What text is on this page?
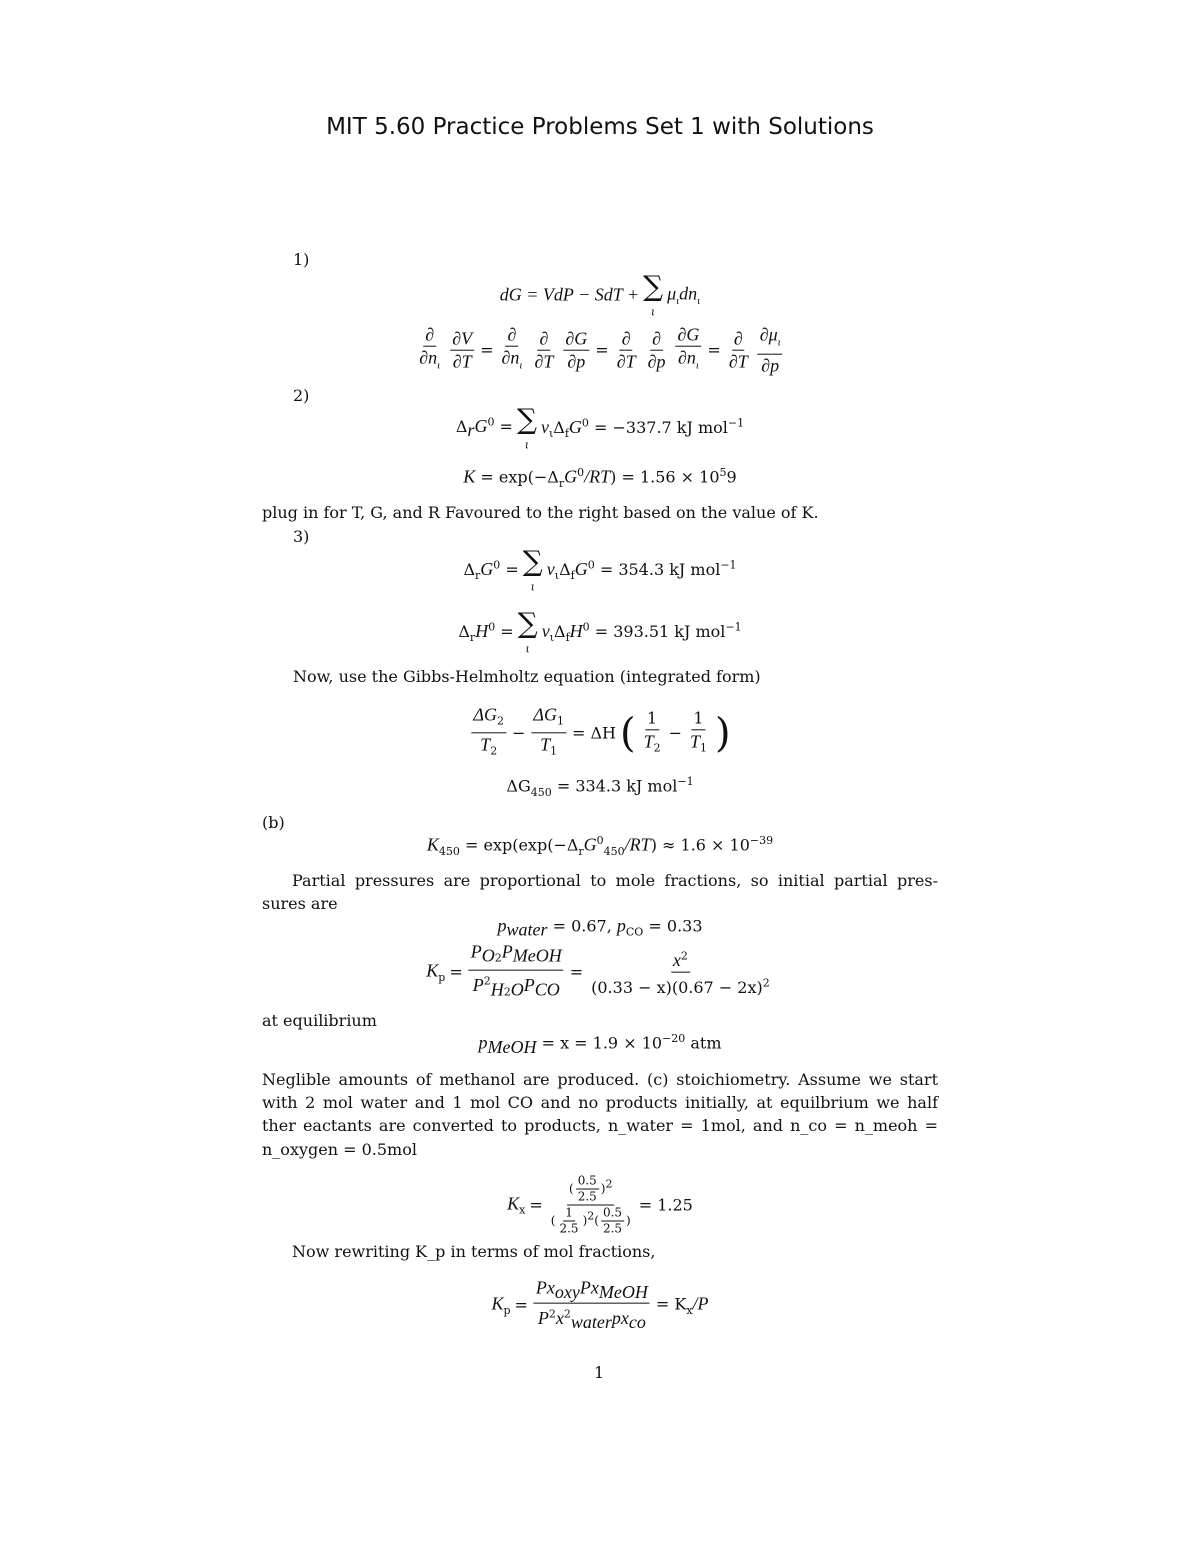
MIT 5.60 Practice Problems Set 1 with Solutions
1)
dG = VdP − SdT + ∑
ι
$\mu_\iota dn_\iota$
$\frac{\partial}{\partial n_\iota} \frac{\partial V}{\partial T} = \frac{\partial}{\partial n_\iota} \frac{\partial}{\partial T} \frac{\partial G}{\partial p} = \frac{\partial}{\partial T} \frac{\partial}{\partial p} \frac{\partial G}{\partial n_\iota} = \frac{\partial}{\partial T} \frac{\partial\mu_\iota}{\partial p}$
2)
$\Delta_rG^0$ = ∑
ι
$\nu_\iota\Delta_fG^0 = -337.7$ kJ mol$^{-1}$
$K = \exp(-\Delta_rG^0/RT) = 1.56 \times 10^59$
plug in for T, G, and R Favoured to the right based on the value of K.
3)
$\Delta_rG^0$ = ∑
ι
$\nu_\iota\Delta_fG^0 = 354.3$ kJ mol$^{-1}$
$\Delta_rH^0$ = ∑
ι
$\nu_\iota\Delta_fH^0 = 393.51$ kJ mol$^{-1}$
Now, use the Gibbs-Helmholtz equation (integrated form)
$\frac{\Delta G_2}{T_2} - \frac{\Delta G_1}{T_1} = \Delta H$ ( $\frac{1}{T_2} - \frac{1}{T_1}$ )
$\Delta G_{450} = 334.3$ kJ mol$^{-1}$
(b)
$K_{450} = \exp(\exp(-\Delta_rG^0_{450}/RT) \approx 1.6 \times 10^{-39}$
Partial pressures are proportional to mole fractions, so initial partial pres-
sures are
$p_{water} = 0.67$, $p_{CO} = 0.33$
$K_p = \frac{P_{O2}P_{MeOH}}{P^2_{H2O}P_{CO}} = \frac{x^2}{(0.33 - x)(0.67 - 2x)^2}$
at equilibrium
$p_{MeOH} = x = 1.9 \times 10^{-20}$ atm
Neglible amounts of methanol are produced. (c) stoichiometry. Assume we start
with 2 mol water and 1 mol CO and no products initially, at equilbrium we half
ther eactants are converted to products, n_water = 1mol, and n_co = n_meoh =
n_oxygen = 0.5mol
$K_x = \frac{( \frac{0.5}{2.5} )^2}{( \frac{1}{2.5} )^2( \frac{0.5}{2.5} )} = 1.25$
Now rewriting K_p in terms of mol fractions,
$K_p = \frac{Px_{oxy}Px_{MeOH}}{P^2x^2_{water}px_{co}} = K_x/P$
1
